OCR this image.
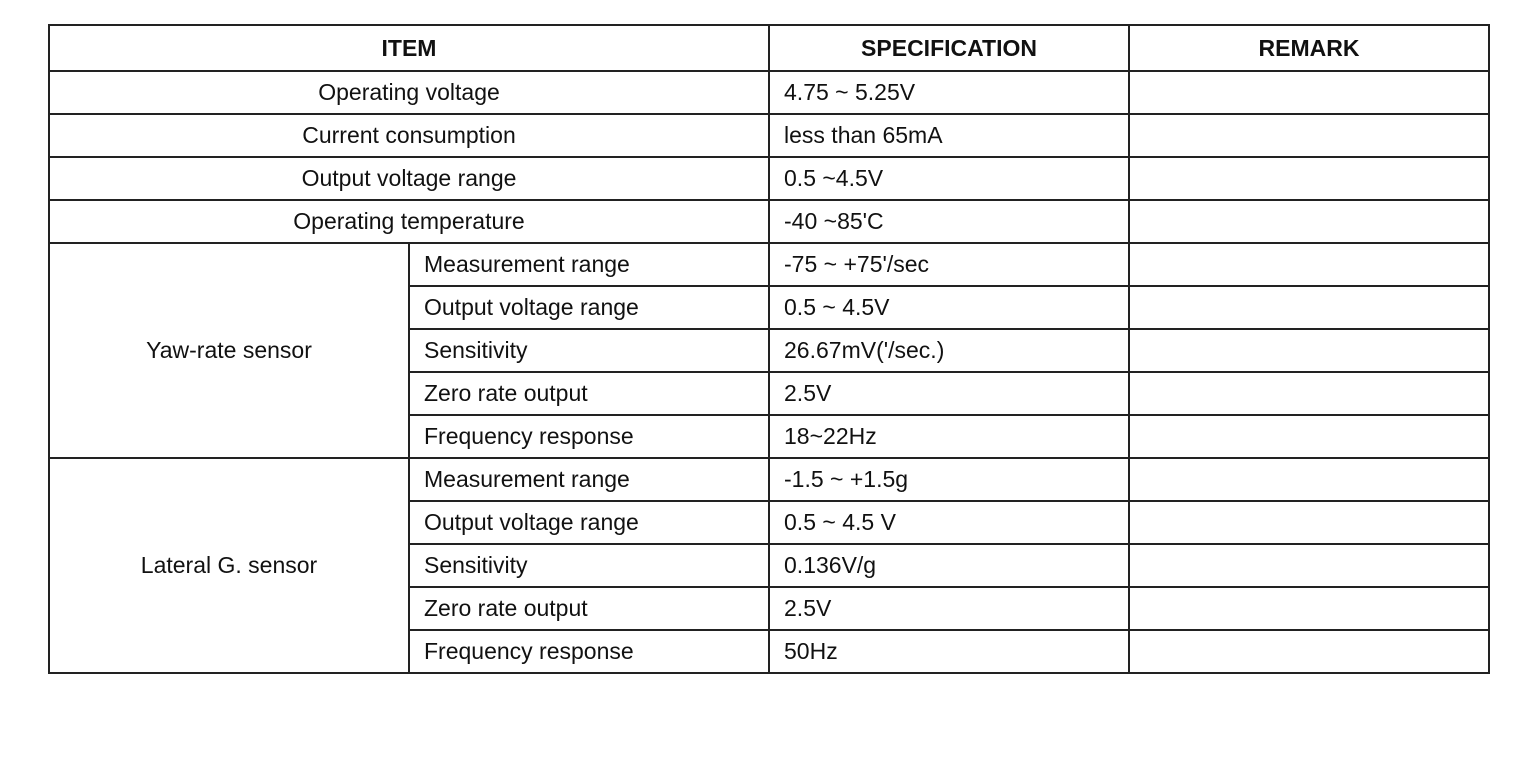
ITEM		SPECIFICATION	REMARK
Operating voltage		4.75 ~ 5.25V	
Current consumption		less than 65mA	
Output voltage range		0.5 ~4.5V	
Operating temperature		-40 ~85'C	
Yaw-rate sensor	Measurement range	-75 ~ +75'/sec	
	Output voltage range	0.5 ~ 4.5V	
	Sensitivity	26.67mV('/sec.)	
	Zero rate output	2.5V	
	Frequency response	18~22Hz	
Lateral G. sensor	Measurement range	-1.5 ~ +1.5g	
	Output voltage range	0.5 ~ 4.5 V	
	Sensitivity	0.136V/g	
	Zero rate output	2.5V	
	Frequency response	50Hz	
